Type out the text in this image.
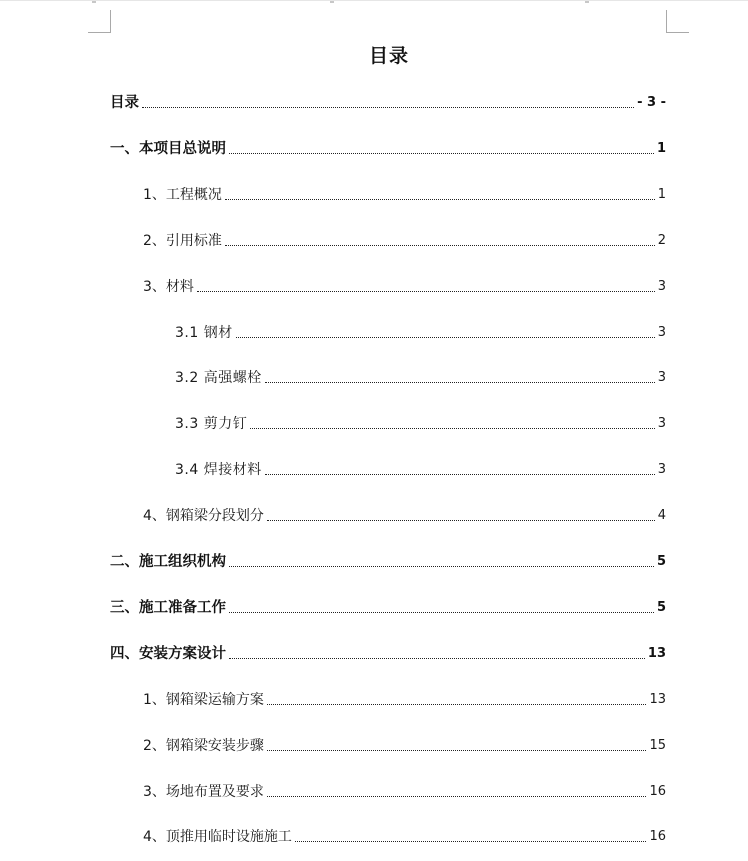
目录
目录	- 3 -
一、本项目总说明	1
1、工程概况	1
2、引用标准	2
3、材料	3
3.1 钢材	3
3.2 高强螺栓	3
3.3 剪力钉	3
3.4 焊接材料	3
4、钢箱梁分段划分	4
二、施工组织机构	5
三、施工准备工作	5
四、安装方案设计	13
1、钢箱梁运输方案	13
2、钢箱梁安装步骤	15
3、场地布置及要求	16
4、顶推用临时设施施工	16
